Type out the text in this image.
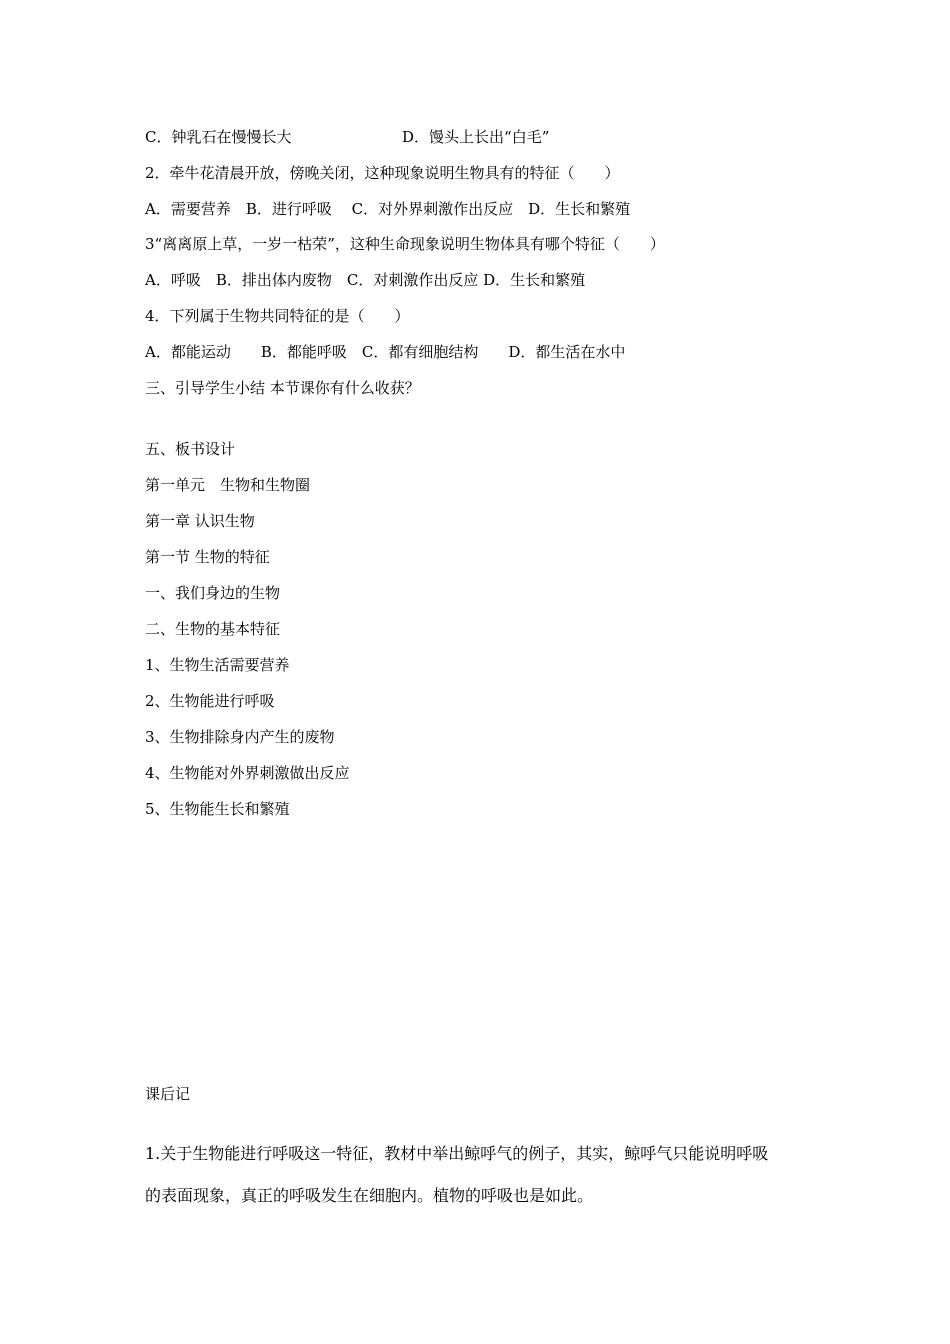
C．钟乳石在慢慢长大	D．馒头上长出“白毛”
2．牵牛花清晨开放，傍晚关闭，这种现象说明生物具有的特征（　　）
A．需要营养　B．进行呼吸　 C．对外界刺激作出反应　D．生长和繁殖
3“离离原上草，一岁一枯荣”，这种生命现象说明生物体具有哪个特征（　　）
A．呼吸　B．排出体内废物　C．对刺激作出反应 D．生长和繁殖
4．下列属于生物共同特征的是（　　）
A．都能运动　　B．都能呼吸　C．都有细胞结构　　D．都生活在水中
三、引导学生小结 本节课你有什么收获？
五、板书设计
第一单元　生物和生物圈
第一章 认识生物
第一节 生物的特征
一、我们身边的生物
二、生物的基本特征
1、生物生活需要营养
2、生物能进行呼吸
3、生物排除身内产生的废物
4、生物能对外界刺激做出反应
5、生物能生长和繁殖
课后记
1.关于生物能进行呼吸这一特征，教材中举出鲸呼气的例子，其实，鲸呼气只能说明呼吸
的表面现象，真正的呼吸发生在细胞内。植物的呼吸也是如此。
